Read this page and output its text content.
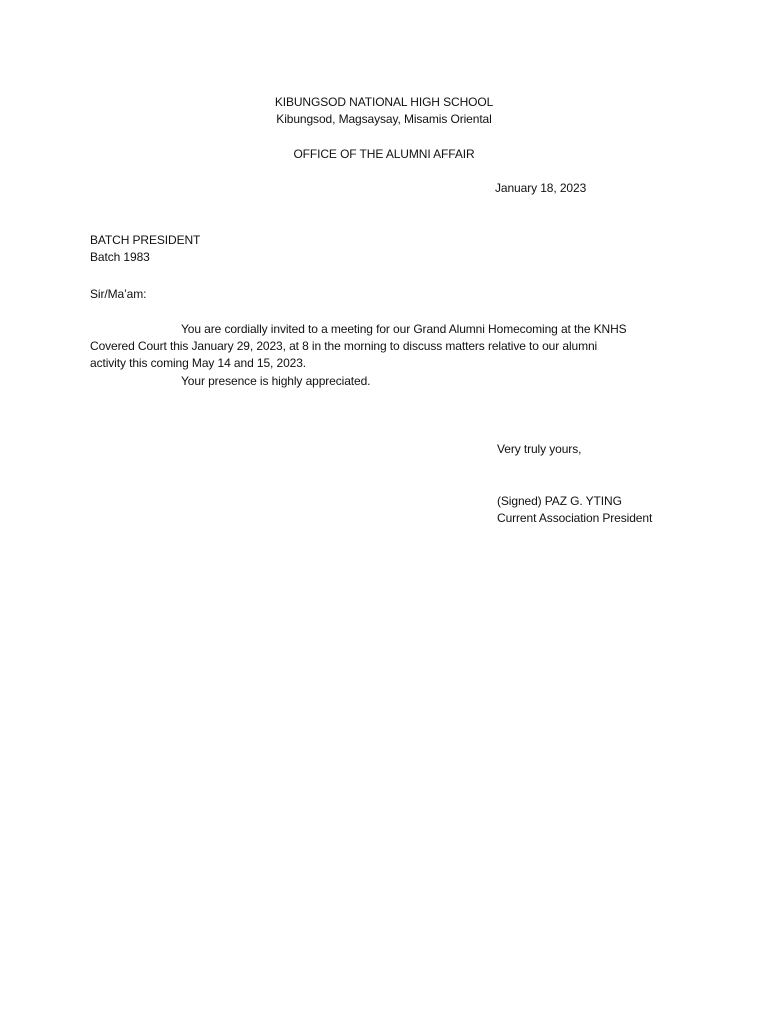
KIBUNGSOD NATIONAL HIGH SCHOOL
Kibungsod, Magsaysay, Misamis Oriental
OFFICE OF THE ALUMNI AFFAIR
January 18, 2023
BATCH PRESIDENT
Batch 1983
Sir/Ma’am:
You are cordially invited to a meeting for our Grand Alumni Homecoming at the KNHS
Covered Court this January 29, 2023, at 8 in the morning to discuss matters relative to our alumni
activity this coming May 14 and 15, 2023.
Your presence is highly appreciated.
Very truly yours,
(Signed) PAZ G. YTING
Current Association President
